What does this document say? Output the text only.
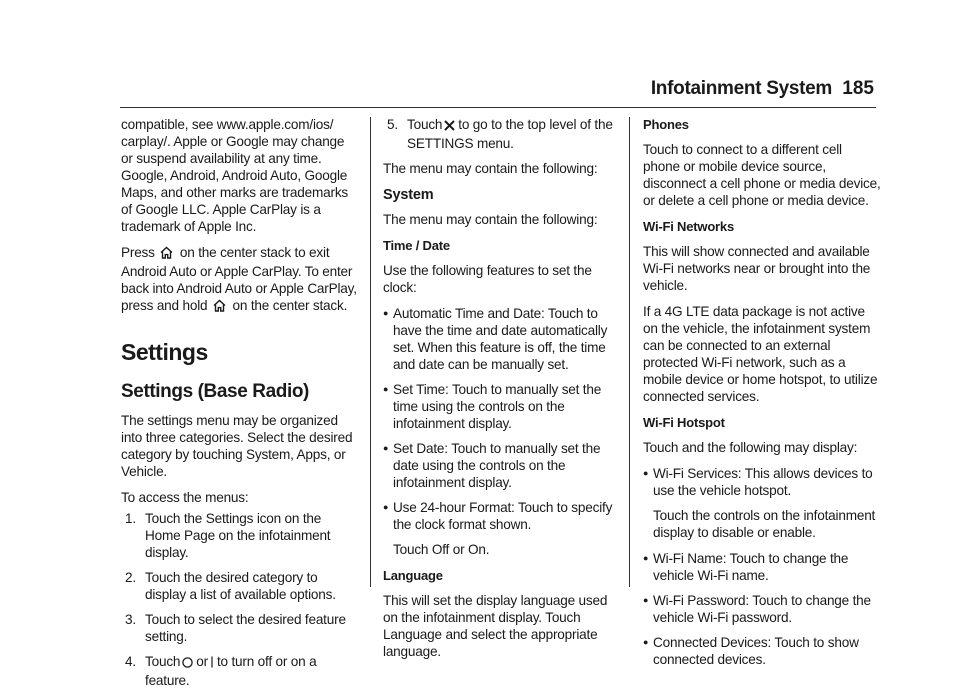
Infotainment System 185

compatible, see www.apple.com/ios/ carplay/. Apple or Google may change or suspend availability at any time. Google, Android, Android Auto, Google Maps, and other marks are trademarks of Google LLC. Apple CarPlay is a trademark of Apple Inc.

Press on the center stack to exit Android Auto or Apple CarPlay. To enter back into Android Auto or Apple CarPlay, press and hold on the center stack.

Settings
Settings (Base Radio)

The settings menu may be organized into three categories. Select the desired category by touching System, Apps, or Vehicle.

To access the menus:

1. Touch the Settings icon on the Home Page on the infotainment display.
2. Touch the desired category to display a list of available options.
3. Touch to select the desired feature setting.
4. Touch or to turn off or on a feature.
5. Touch to go to the top level of the SETTINGS menu.

The menu may contain the following:

System

The menu may contain the following:

Time / Date

Use the following features to set the clock:

● Automatic Time and Date: Touch to have the time and date automatically set. When this feature is off, the time and date can be manually set.
● Set Time: Touch to manually set the time using the controls on the infotainment display.
● Set Date: Touch to manually set the date using the controls on the infotainment display.
● Use 24-hour Format: Touch to specify the clock format shown.

Touch Off or On.

Language

This will set the display language used on the infotainment display. Touch Language and select the appropriate language.

Phones

Touch to connect to a different cell phone or mobile device source, disconnect a cell phone or media device, or delete a cell phone or media device.

Wi-Fi Networks

This will show connected and available Wi-Fi networks near or brought into the vehicle.

If a 4G LTE data package is not active on the vehicle, the infotainment system can be connected to an external protected Wi-Fi network, such as a mobile device or home hotspot, to utilize connected services.

Wi-Fi Hotspot

Touch and the following may display:

● Wi-Fi Services: This allows devices to use the vehicle hotspot.

Touch the controls on the infotainment display to disable or enable.

● Wi-Fi Name: Touch to change the vehicle Wi-Fi name.
● Wi-Fi Password: Touch to change the vehicle Wi-Fi password.
● Connected Devices: Touch to show connected devices.
